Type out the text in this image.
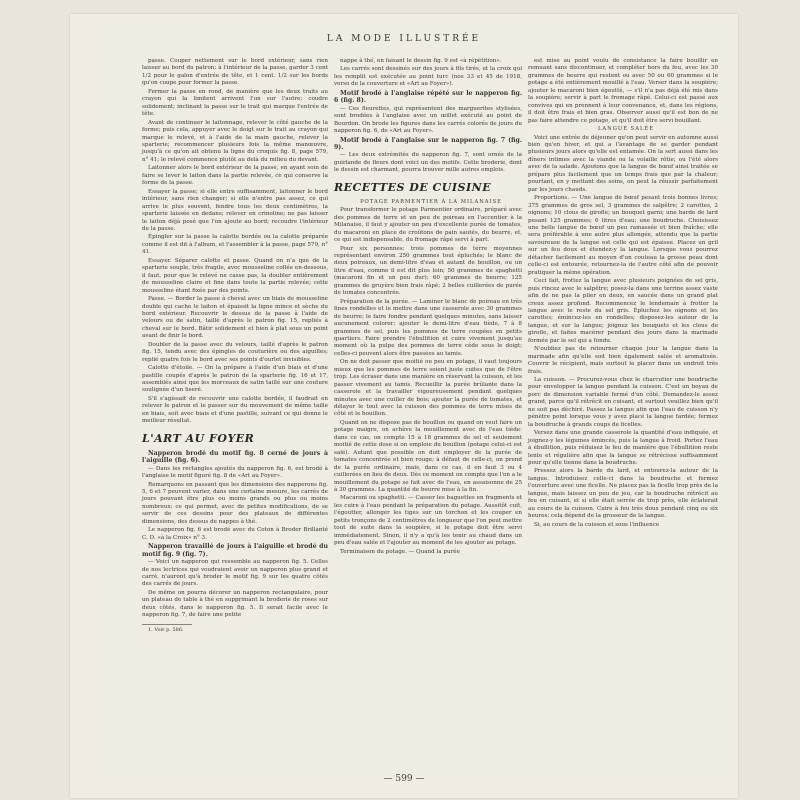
LA MODE ILLUSTRÉE

passe. Couper nettement sur le bord extérieur, sans rien laisser au bord du patron; à l'intérieur de la passe, garder 3 cent 1/2 pour le galon d'entrée de tête, et 1 cent. 1/2 sur les bords qu'on coupe pour former la passe.

Fermer la passe en rond, de manière que les deux traits au crayon qui la limitent arrivent l'un sur l'autre; coudre solidement; inclinant la passe sur le trait qui marque l'entrée de tête.

Avant de continuer le laitonnage, relever le côté gauche de la forme; puis cela, appuyer avec le doigt sur le trait au crayon qui marque le relevé, et à l'aide de la main gauche, relever la sparterie; recommencer plusieurs fois la même manœuvre, jusqu'à ce qu'on ait obtenu la ligne du croquis fig. 8, page 579, n° 41; le relevé commence plutôt au delà du milieu du devant.

Laitonner alors le bord extérieur de la passe, en ayant soin de faire se lever le laiton dans la partie relevée, ce qui conserve la forme de la passe.

Essayer la passe; si elle entre suffisamment, laitonner le bord intérieur, sans rien changer; si elle n'entre pas assez, ce qui arrive le plus souvent, fendre tous les deux centimètres, la sparterie laissée en dedans; relever en crinoline; ne pas laisser le laiton déjà posé que l'on ajoute au bord; recoudre l'intérieur de la passe.

Épingler sur la passe la calotte bordée ou la calotte préparée comme il est dit à l'album, et l'assembler à la passe, page 579, n° 41.

Essayer. Séparer calotte et passe. Quand on n'a que de la sparterie souple, très fragile, avec mousseline collée en-dessous, il faut, pour que le relevé ne casse pas, la doubler entièrement de mousseline claire et fine dans toute la partie relevée; cette mousseline étant fixée par des points.

Passe. — Border la passe à cheval avec un biais de mousseline double qui cache le laiton et épaissit la ligne mince et sèche du bord extérieur. Recouvrir le dessus de la passe à l'aide de velours ou de satin, taillé d'après le patron fig. 15, repliés à cheval sur le bord. Bâtir solidement et bien à plat sous un point avant de finir le bord.

Doubler de la passe avec du velours, taillé d'après le patron fig. 15, tendu avec des épingles de couturière ou des aiguilles; replié quatre fois le bord avec ses points d'ourlet invisibles.

Calotte d'étoile. — On la prépare à l'aide d'un biais et d'une pastille coupés d'après le patron de la sparterie fig. 16 et 17, assemblés ainsi que les morceaux de satin taillé sur une couture soulignée d'un liseré.

S'il s'agissait de recouvrir une calotte bordée, il faudrait en relever le patron et le passer sur du mouvement de même taille en biais, soit avec biais et d'une pastille, suivant ce qui donne le meilleur résultat.

L'ART AU FOYER

Napperon brodé du motif fig. 8 cerné de jours à l'aiguille (fig. 6).

— Dans les rectangles ajoutés du napperon fig. 6, est brodé à l'anglaise le motif figuré fig. 8 de «Art au Foyer».

Remarquons en passant que les dimensions des napperons fig. 5, 6 et 7 peuvent varier, dans une certaine mesure, les carrés de jours pouvant être plus ou moins grands ou plus ou moins nombreux; ce qui permet, avec de petites modifications, de se servir de ces dessins pour des plateaux de différentes dimensions, des dessus de nappes à thé.

Le napperon fig. 6 est brodé avec du Coton à Broder Brillanté C. D. «à la Croix» n° 3.

Napperon travaillé de jours à l'aiguille et brodé du motif fig. 9 (fig. 7).

— Voici un napperon qui ressemble au napperon fig. 5. Celles de nos lectrices qui voudraient avoir un napperon plus grand et carré, n'auront qu'à broder le motif fig. 9 sur les quatre côtés des carrés de jours.

De même on pourra décorer un napperon rectangulaire, pour un plateau de table à thé en supprimant la broderie de roses sur deux côtés, dans le napperon fig. 5. Il serait facile avec le napperon fig. 7, de faire une petite

1. Voir p. 586.

nappe à thé, en faisant le dessin fig. 9 est «à répétition».

Les carrés sont dessinés sur des jours à fils tirés, et la croix qui les remplit est exécutée au point turc (nos 33 et 45 de 1918, verso de la couverture et «Art au Foyer»).

Motif brodé à l'anglaise répété sur le napperon fig. 6 (fig. 8).

— Ces fleurettes, qui représentent des marguerites stylisées, sont brodées à l'anglaise avec un œillet exécuté au point de Bourdon. On brode les figures dans les carrés colorés de jours du napperon fig. 6, de «Art au Foyer».

Motif brodé à l'anglaise sur le napperon fig. 7 (fig. 9).

— Les deux extrémités du napperon fig. 7, sont ornés de la guirlande de fleurs dont voici un des motifs. Cette broderie, dont le dessin est charmant, pourra trouver mille autres emplois.

RECETTES DE CUISINE

POTAGE PARMENTIER À LA MILANAISE

Pour transformer le potage Parmentier ordinaire, préparé avec des pommes de terre et un peu de poireau en l'accentier à la Milanaise, il faut y ajouter un peu d'excellente purée de tomates, du macaroni en place de croûtons de pain sautés, du beurre, et, ce qui est indispensable, du fromage râpé servi à part.

Pour six personnes: trois pommes de terre moyennes représentant environ 250 grammes tout épluchés; le blanc de deux poireaux, un demi-litre d'eau et autant de bouillon, ou un litre d'eau, comme il est dit plus loin; 50 grammes de spaghetti (macaroni fin et un peu dur); 60 grammes de beurre; 125 grammes de gruyère bien frais râpé; 2 belles cuillerées de purée de tomates concentrée.

Préparation de la purée. — Laminer le blanc de poireau en très fines rondelles et le mettre dans une casserole avec 30 grammes de beurre; le faire fondre pendant quelques minutes, sans laisser aucunement colorer; ajouter le demi-litre d'eau tiède, 7 à 8 grammes de sel, puis les pommes de terre coupées en petits quartiers. Faire prendre l'ébullition et cuire vivement jusqu'au moment où la pulpe des pommes de terre cède sous le doigt; celles-ci peuvent alors être passées au tamis.

On ne doit passer que moitié ou peu en potage, il vaut toujours mieux que les pommes de terre soient juste cuites que de l'être trop. Les écraser dans une manière en réservant la cuisson, et les passer vivement au tamis. Recueillir la purée brûlante dans la casserole et la travailler vigoureusement pendant quelques minutes avec une cuiller de bois; ajouter la purée de tomates, et délayer le tout avec la cuisson des pommes de terre mises de côté et le bouillon.

Quand on ne dispose pas de bouillon ou quand on veut faire un potage maigre, on achève la mouillement avec de l'eau tiède: dans ce cas, on compte 15 à 18 grammes de sel et seulement moitié de cette dose si on emploie du bouillon (potage celui-ci est salé). Autant que possible on doit employer de la purée de tomates concentrée et bien rouge; à défaut de celle-ci, on prend de la purée ordinaire, mais, dans ce cas, il en faut 3 ou 4 cuillerées en lieu de deux. Dès ce moment on compte que l'on a le mouillement du potage se fait avec de l'eau, en assaisonne de 25 à 30 grammes. La quantité de beurre mise à la fin.

Macaroni ou spaghetti. — Casser les baguettes en fragments et les cuire à l'eau pendant la préparation du potage. Aussitôt cuit, l'égoutter, allonger les tiges sur un torchon et les couper en petits tronçons de 2 centimètres de longueur que l'on peut mettre tout de suite dans la soupière, si le potage doit être servi immédiatement. Sinon, il n'y a qu'à les tenir au chaud dans un peu d'eau salée et l'ajouter au moment de les ajouter au potage.

Terminaison du potage. — Quand la purée

est mise au point voulu de consistance la faire bouillir en remuant sans discontinuer, et compléter hors du feu, avec les 30 grammes de beurre qui restent ou avec 50 ou 60 grammes si le potage a été entièrement mouillé à l'eau. Verser dans la soupière; ajouter le macaroni bien égoutté, — s'il n'a pas déjà été mis dans la soupière; servir à part le fromage râpé. Celui-ci est passé aux convives qui en prennent à leur convenance, et, dans les régions, il doit être frais et bien gras. Observer aussi qu'il est bon de ne pas faire attendre ce potage, et qu'il doit être servi bouillant.

LANGUE SALÉE

Voici une entrée de déjeuner qu'on peut servir en automne aussi bien qu'en hiver, et qui a l'avantage de se garder pendant plusieurs jours alors qu'elle est entamée. On la sert aussi dans les dîners intimes avec la viande ou la volaille rôtie; ou l'été alors avec de la salade. Ajoutons que la langue de bœuf ainsi traitée se prépare plus facilement que un temps frais que par la chaleur; pourtant, en y mettant des soins, on peut la réussir parfaitement par les jours chauds.

Proportions. — Une langue de bœuf pesant trois bonnes livres; 375 grammes de gros sel, 3 grammes de salpêtre; 2 carottes, 2 oignons; 10 clous de girofle; un bouquet garni; une barde de lard pesant 125 grammes; 6 litres d'eau; une boudruche. Choisissez une belle langue de bœuf un peu ramassée et bien fraîche; elle sera préférable à une autre plus allongée, attendu que la partie savoureuse de la langue est celle qui est épaisse. Placez un gril sur un feu doux et étendez-y la langue. Lorsque vous pourrez détacher facilement au moyen d'un couteau la grosse peau dont celle-ci est entourée, retournez-la de l'autre côté afin de pouvoir pratiquer la même opération.

Ceci fait, frottez la langue avec plusieurs poignées de sel gris, puis rincez avec le salpêtre; posez-la dans une terrine assez vaste afin de ne pas la plier en deux, en saucée dans un grand plat creux assez profond. Recommencez le lendemain à frotter la langue avec le reste du sel gris. Épluchez les oignons et les carottes; émincez-les en rondelles; disposez-les autour de la langue, et sur la langue; joignez les bouquets et les clous de girofle, et faites macérer pendant des jours dans la marinade formée par le sel qui a fondu.

N'oubliez pas de retourner chaque jour la langue dans la marinade afin qu'elle soit bien également salée et aromatisée. Couvrir le récipient, mais surtout le placer dans un endroit très frais.

La cuisson. — Procurez-vous chez le charcutier une boudruche pour envelopper la langue pendant la cuisson. C'est un boyau de porc de dimension variable fermé d'un côté. Demandez-le assez grand, parce qu'il rétrécit en cuisant, et surtout veuillez bien qu'il ne soit pas déchiré. Passez la langue afin que l'eau de cuisson n'y pénètre point lorsque vous y avez placé la langue fardée; fermez la boudruche à grands coups de ficelles.

Versez dans une grande casserole la quantité d'eau indiquée, et joignez-y les légumes émincés, puis la langue à froid. Portez l'eau à ébullition, puis réduisez le feu de manière que l'ébullition reste lente et régulière afin que la langue se rétrécisse suffisamment pour qu'elle tienne dans la boudruche.

Pressez alors la barde du lard, et entourez-la autour de la langue. Introduisez celle-ci dans la boudruche et fermez l'ouverture avec une ficelle. Ne placez pas la ficelle trop près de la langue, mais laissez un peu de jeu, car la boudruche rétrécit au feu en cuisant, et si elle était serrée de trop près, elle éclaterait au cours de la cuisson. Cuire à feu très doux pendant cinq ou six heures; cela dépend de la grosseur de la langue.

Si, au cours de la cuisson et sous l'influence

— 599 —
